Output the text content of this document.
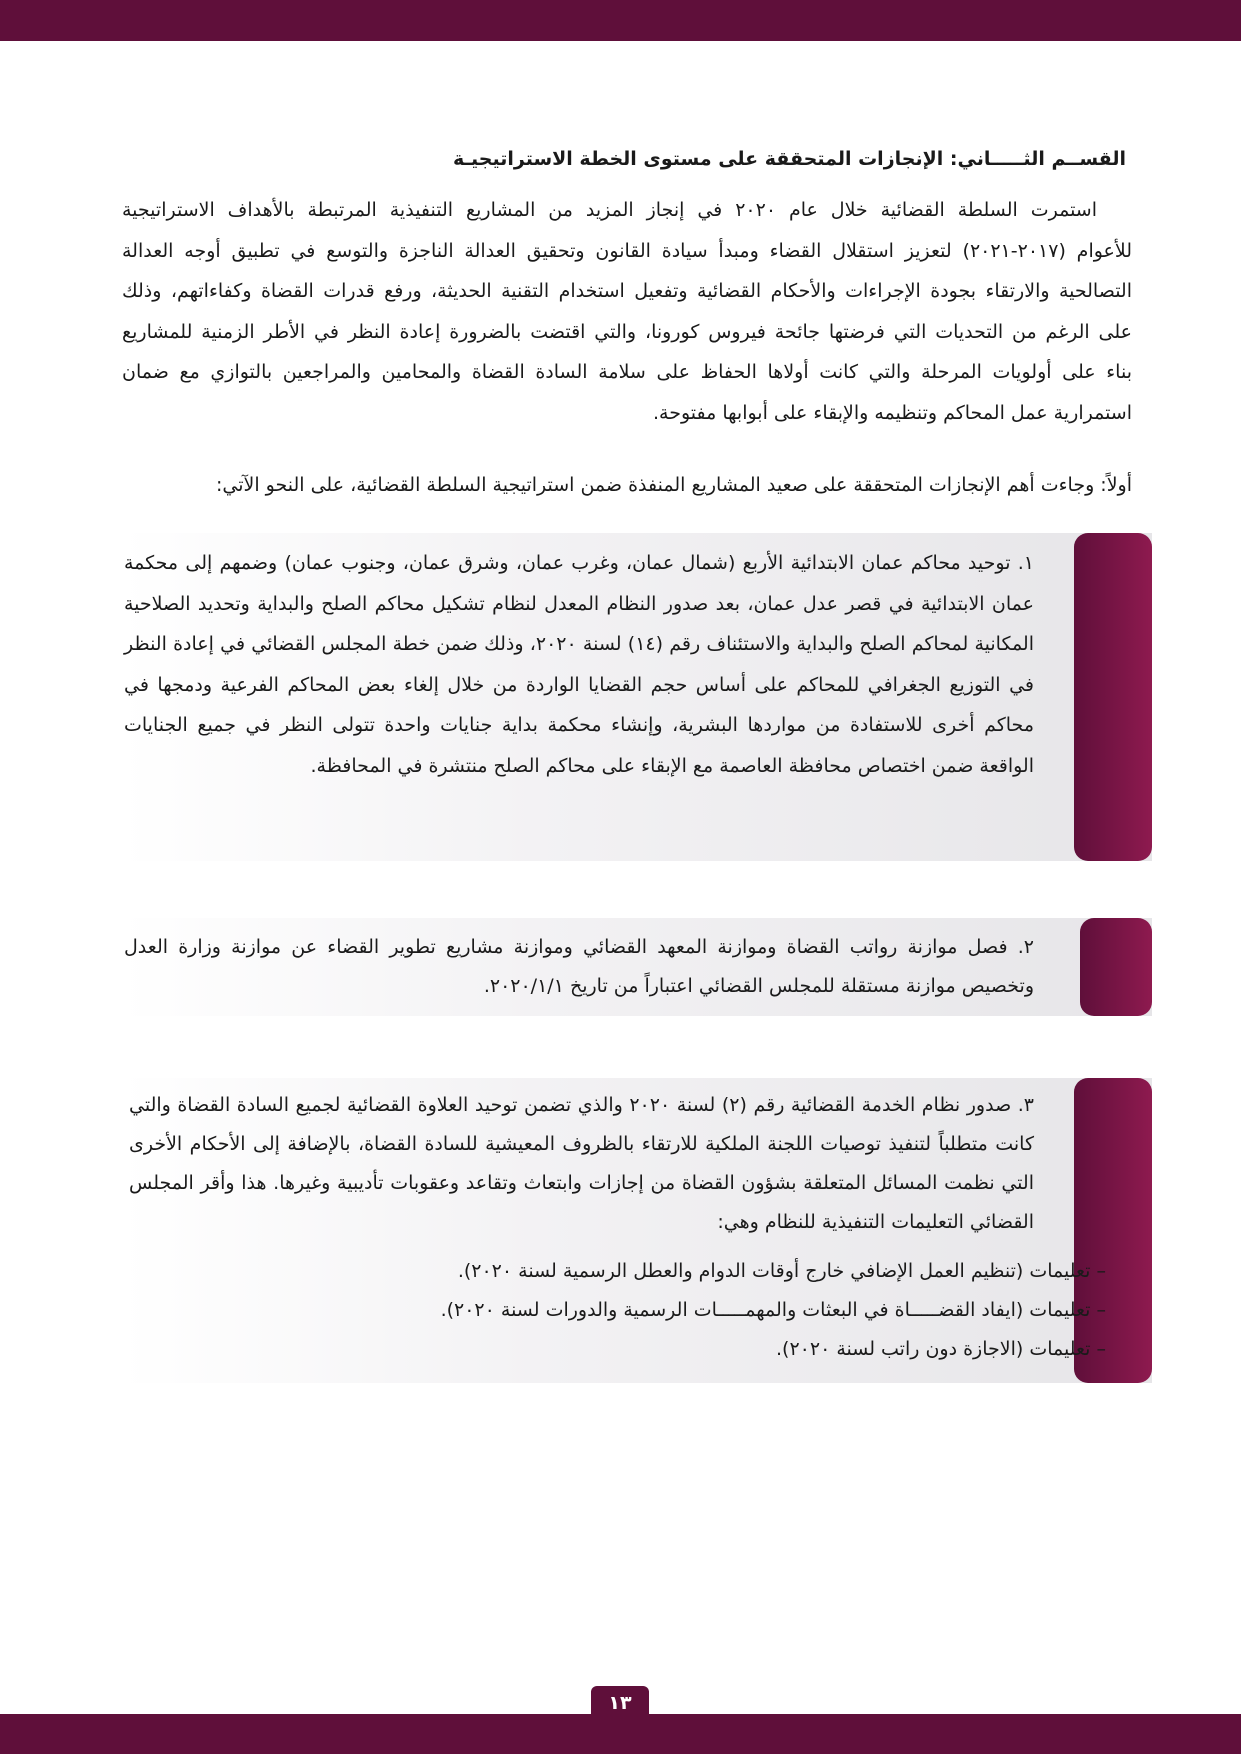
القســم الثـــــاني: الإنجازات المتحققة على مستوى الخطة الاستراتيجيـة
استمرت السلطة القضائية خلال عام ٢٠٢٠ في إنجاز المزيد من المشاريع التنفيذية المرتبطة بالأهداف الاستراتيجية
للأعوام (٢٠١٧-٢٠٢١) لتعزيز استقلال القضاء ومبدأ سيادة القانون وتحقيق العدالة الناجزة والتوسع في تطبيق أوجه العدالة
التصالحية والارتقاء بجودة الإجراءات والأحكام القضائية وتفعيل استخدام التقنية الحديثة، ورفع قدرات القضاة وكفاءاتهم، وذلك
على الرغم من التحديات التي فرضتها جائحة فيروس كورونا، والتي اقتضت بالضرورة إعادة النظر في الأطر الزمنية للمشاريع
بناء على أولويات المرحلة والتي كانت أولاها الحفاظ على سلامة السادة القضاة والمحامين والمراجعين بالتوازي مع ضمان
استمرارية عمل المحاكم وتنظيمه والإبقاء على أبوابها مفتوحة.

أولاً: وجاءت أهم الإنجازات المتحققة على صعيد المشاريع المنفذة ضمن استراتيجية السلطة القضائية، على النحو الآتي:

١. توحيد محاكم عمان الابتدائية الأربع (شمال عمان، وغرب عمان، وشرق عمان، وجنوب عمان) وضمهم إلى محكمة عمان الابتدائية في قصر عدل عمان، بعد صدور النظام المعدل لنظام تشكيل محاكم الصلح والبداية وتحديد الصلاحية المكانية لمحاكم الصلح والبداية والاستئناف رقم (١٤) لسنة ٢٠٢٠، وذلك ضمن خطة المجلس القضائي في إعادة النظر في التوزيع الجغرافي للمحاكم على أساس حجم القضايا الواردة من خلال إلغاء بعض المحاكم الفرعية ودمجها في محاكم أخرى للاستفادة من مواردها البشرية، وإنشاء محكمة بداية جنايات واحدة تتولى النظر في جميع الجنايات الواقعة ضمن اختصاص محافظة العاصمة مع الإبقاء على محاكم الصلح منتشرة في المحافظة.

٢. فصل موازنة رواتب القضاة وموازنة المعهد القضائي وموازنة مشاريع تطوير القضاء عن موازنة وزارة العدل وتخصيص موازنة مستقلة للمجلس القضائي اعتباراً من تاريخ ٢٠٢٠/١/١.

٣. صدور نظام الخدمة القضائية رقم (٢) لسنة ٢٠٢٠ والذي تضمن توحيد العلاوة القضائية لجميع السادة القضاة والتي كانت متطلباً لتنفيذ توصيات اللجنة الملكية للارتقاء بالظروف المعيشية للسادة القضاة، بالإضافة إلى الأحكام الأخرى التي نظمت المسائل المتعلقة بشؤون القضاة من إجازات وابتعاث وتقاعد وعقوبات تأديبية وغيرها. هذا وأقر المجلس القضائي التعليمات التنفيذية للنظام وهي:

– تعليمات (تنظيم العمل الإضافي خارج أوقات الدوام والعطل الرسمية لسنة ٢٠٢٠).
– تعليمات (ايفاد القضـــــاة في البعثات والمهمـــــات الرسمية والدورات لسنة ٢٠٢٠).
– تعليمات (الاجازة دون راتب لسنة ٢٠٢٠).
١٣
